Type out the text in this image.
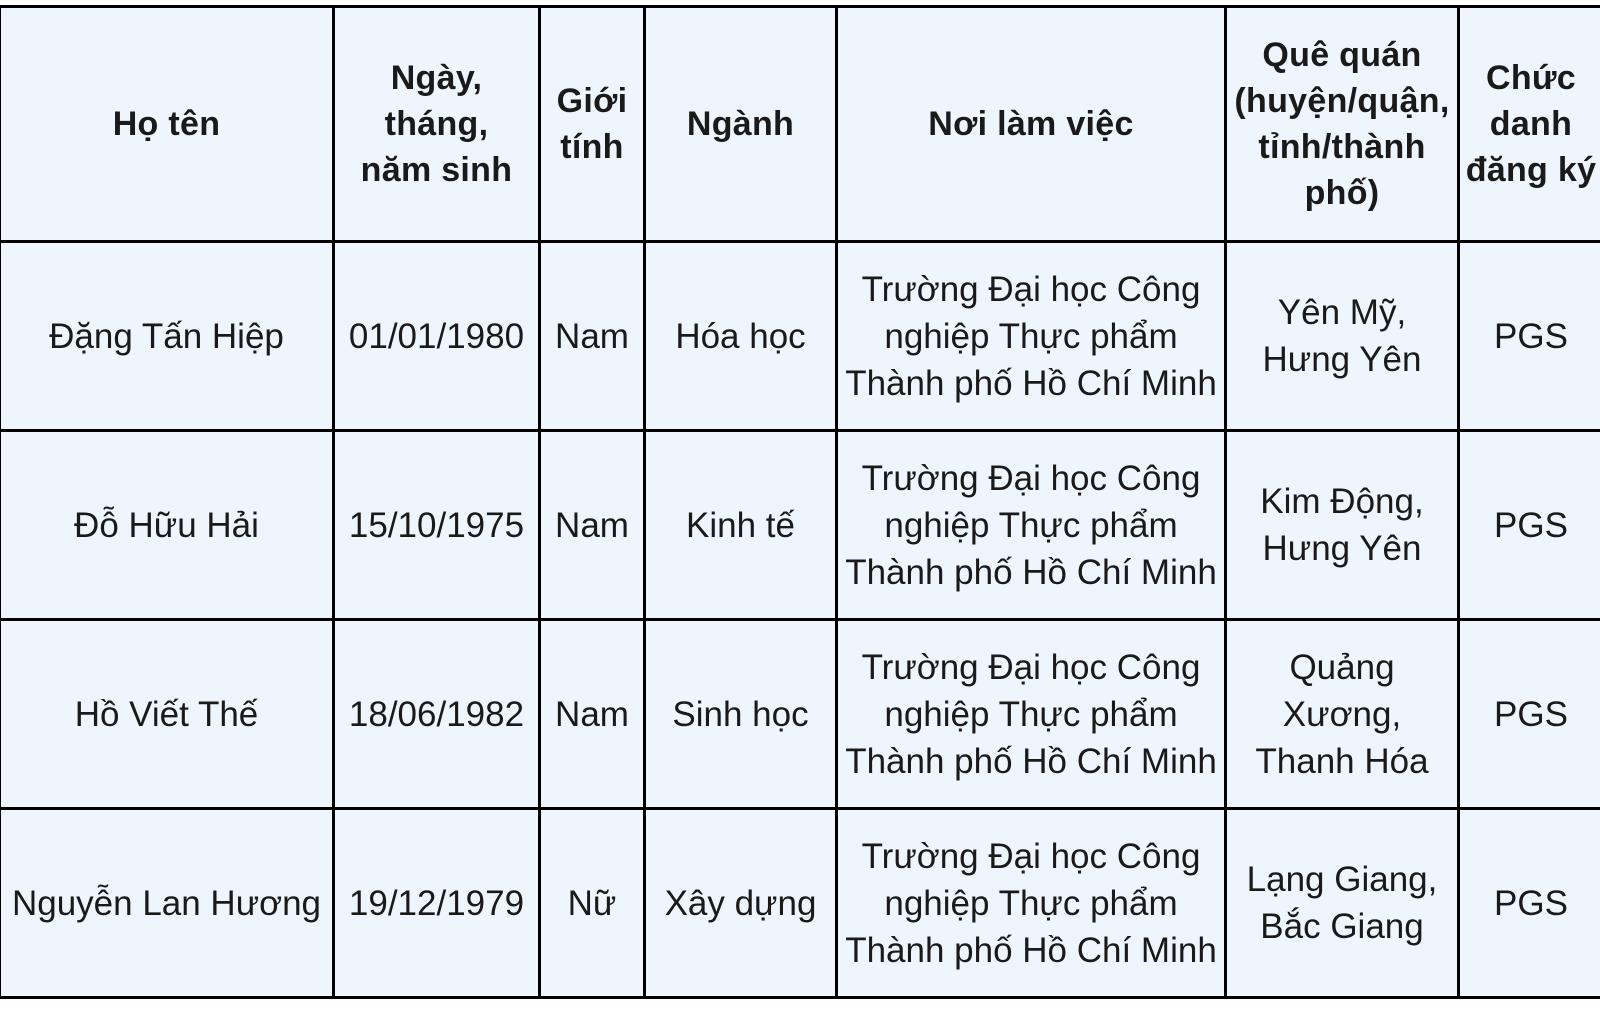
Họ tên	Ngày, tháng, năm sinh	Giới tính	Ngành	Nơi làm việc	Quê quán (huyện/quận, tỉnh/thành phố)	Chức danh đăng ký
Đặng Tấn Hiệp	01/01/1980	Nam	Hóa học	Trường Đại học Công nghiệp Thực phẩm Thành phố Hồ Chí Minh	Yên Mỹ, Hưng Yên	PGS
Đỗ Hữu Hải	15/10/1975	Nam	Kinh tế	Trường Đại học Công nghiệp Thực phẩm Thành phố Hồ Chí Minh	Kim Động, Hưng Yên	PGS
Hồ Viết Thế	18/06/1982	Nam	Sinh học	Trường Đại học Công nghiệp Thực phẩm Thành phố Hồ Chí Minh	Quảng Xương, Thanh Hóa	PGS
Nguyễn Lan Hương	19/12/1979	Nữ	Xây dựng	Trường Đại học Công nghiệp Thực phẩm Thành phố Hồ Chí Minh	Lạng Giang, Bắc Giang	PGS
